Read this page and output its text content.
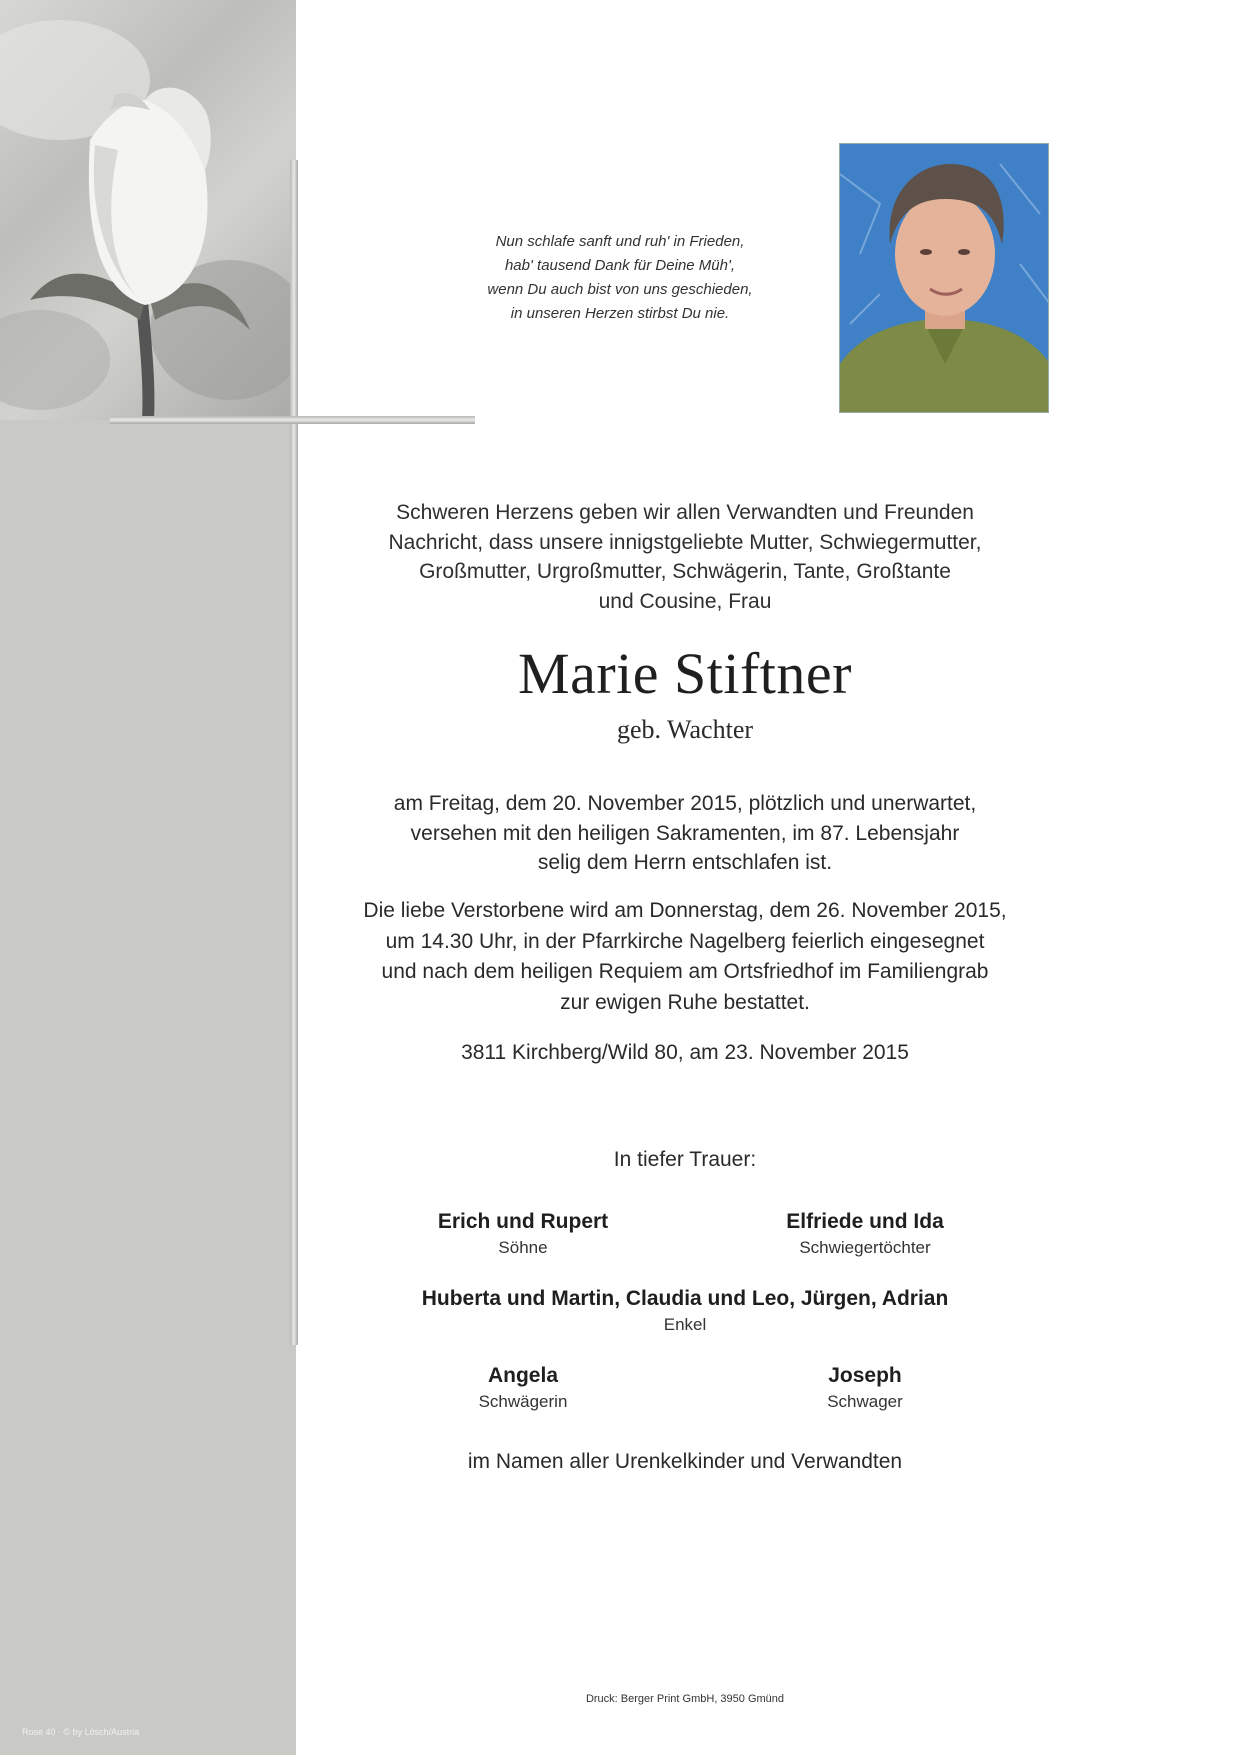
Rose 40 · © by Lösch/Austria
Nun schlafe sanft und ruh' in Frieden,
hab' tausend Dank für Deine Müh',
wenn Du auch bist von uns geschieden,
in unseren Herzen stirbst Du nie.
Schweren Herzens geben wir allen Verwandten und Freunden
Nachricht, dass unsere innigstgeliebte Mutter, Schwiegermutter,
Großmutter, Urgroßmutter, Schwägerin, Tante, Großtante
und Cousine, Frau
Marie Stiftner
geb. Wachter
am Freitag, dem 20. November 2015, plötzlich und unerwartet,
versehen mit den heiligen Sakramenten, im 87. Lebensjahr
selig dem Herrn entschlafen ist.
Die liebe Verstorbene wird am Donnerstag, dem 26. November 2015,
um 14.30 Uhr, in der Pfarrkirche Nagelberg feierlich eingesegnet
und nach dem heiligen Requiem am Ortsfriedhof im Familiengrab
zur ewigen Ruhe bestattet.
3811 Kirchberg/Wild 80, am 23. November 2015
In tiefer Trauer:
Erich und Rupert
Söhne
Elfriede und Ida
Schwiegertöchter
Huberta und Martin, Claudia und Leo, Jürgen, Adrian
Enkel
Angela
Schwägerin
Joseph
Schwager
im Namen aller Urenkelkinder und Verwandten
Druck: Berger Print GmbH, 3950 Gmünd
